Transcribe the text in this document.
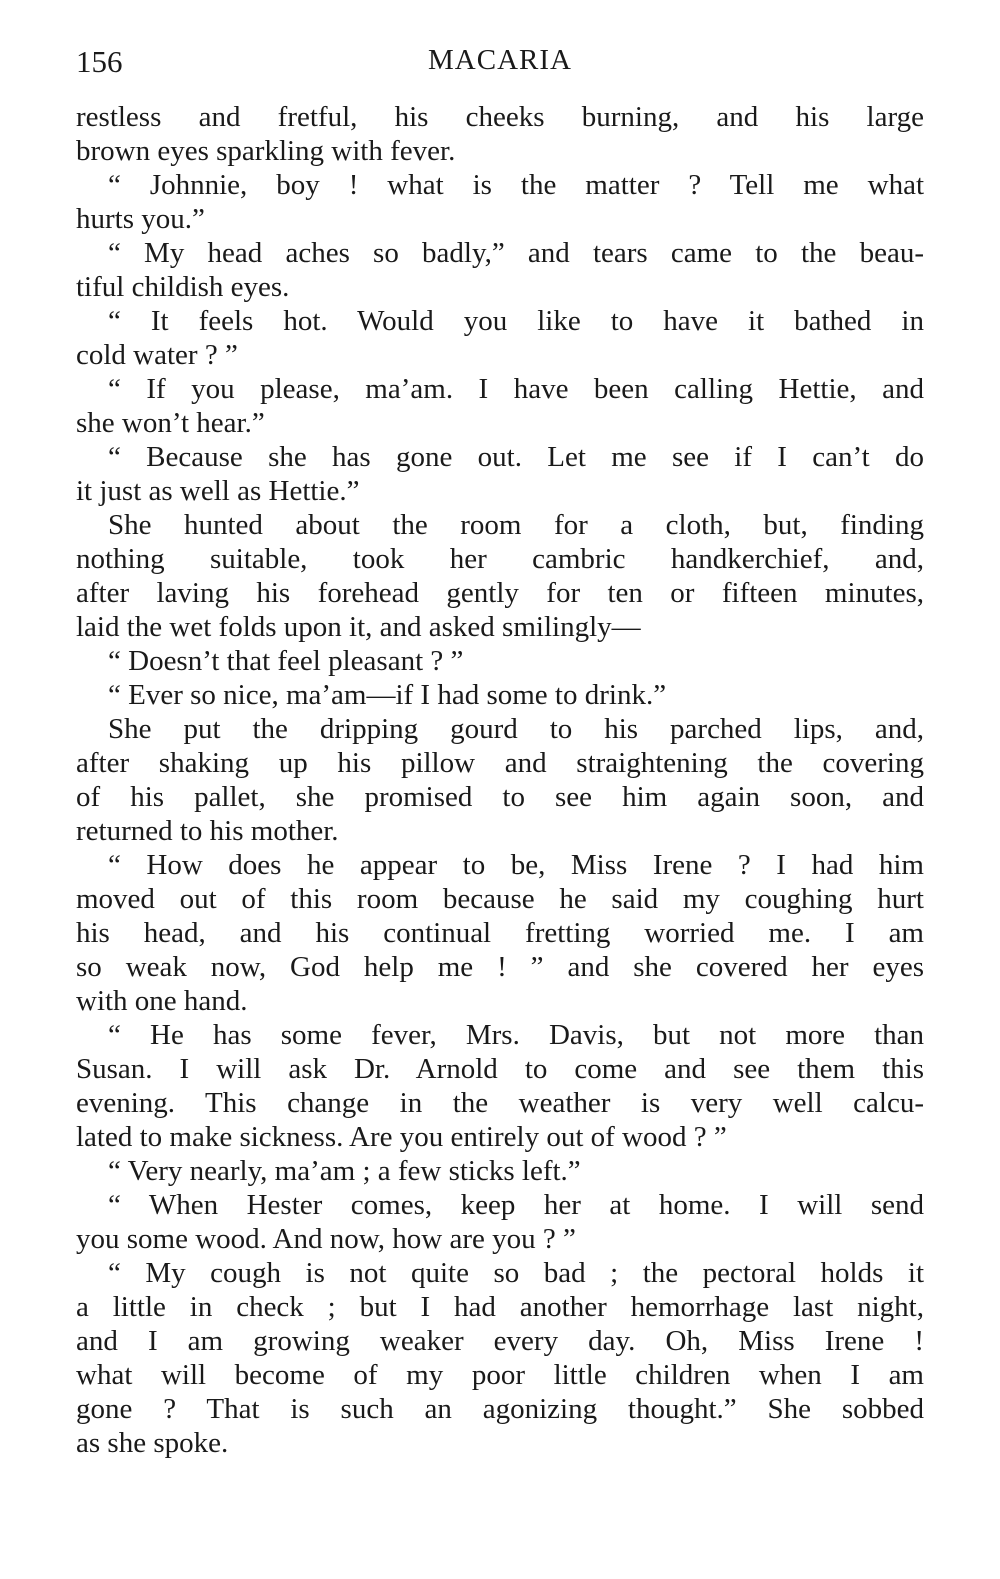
156	MACARIA
restless and fretful, his cheeks burning, and his large
brown eyes sparkling with fever.
“ Johnnie, boy ! what is the matter ? Tell me what
hurts you.”
“ My head aches so badly,” and tears came to the beau-
tiful childish eyes.
“ It feels hot. Would you like to have it bathed in
cold water ? ”
“ If you please, ma’am. I have been calling Hettie, and
she won’t hear.”
“ Because she has gone out. Let me see if I can’t do
it just as well as Hettie.”
She hunted about the room for a cloth, but, finding
nothing suitable, took her cambric handkerchief, and,
after laving his forehead gently for ten or fifteen minutes,
laid the wet folds upon it, and asked smilingly—
“ Doesn’t that feel pleasant ? ”
“ Ever so nice, ma’am—if I had some to drink.”
She put the dripping gourd to his parched lips, and,
after shaking up his pillow and straightening the covering
of his pallet, she promised to see him again soon, and
returned to his mother.
“ How does he appear to be, Miss Irene ? I had him
moved out of this room because he said my coughing hurt
his head, and his continual fretting worried me. I am
so weak now, God help me ! ” and she covered her eyes
with one hand.
“ He has some fever, Mrs. Davis, but not more than
Susan. I will ask Dr. Arnold to come and see them this
evening. This change in the weather is very well calcu-
lated to make sickness. Are you entirely out of wood ? ”
“ Very nearly, ma’am ; a few sticks left.”
“ When Hester comes, keep her at home. I will send
you some wood. And now, how are you ? ”
“ My cough is not quite so bad ; the pectoral holds it
a little in check ; but I had another hemorrhage last night,
and I am growing weaker every day. Oh, Miss Irene !
what will become of my poor little children when I am
gone ? That is such an agonizing thought.” She sobbed
as she spoke.
